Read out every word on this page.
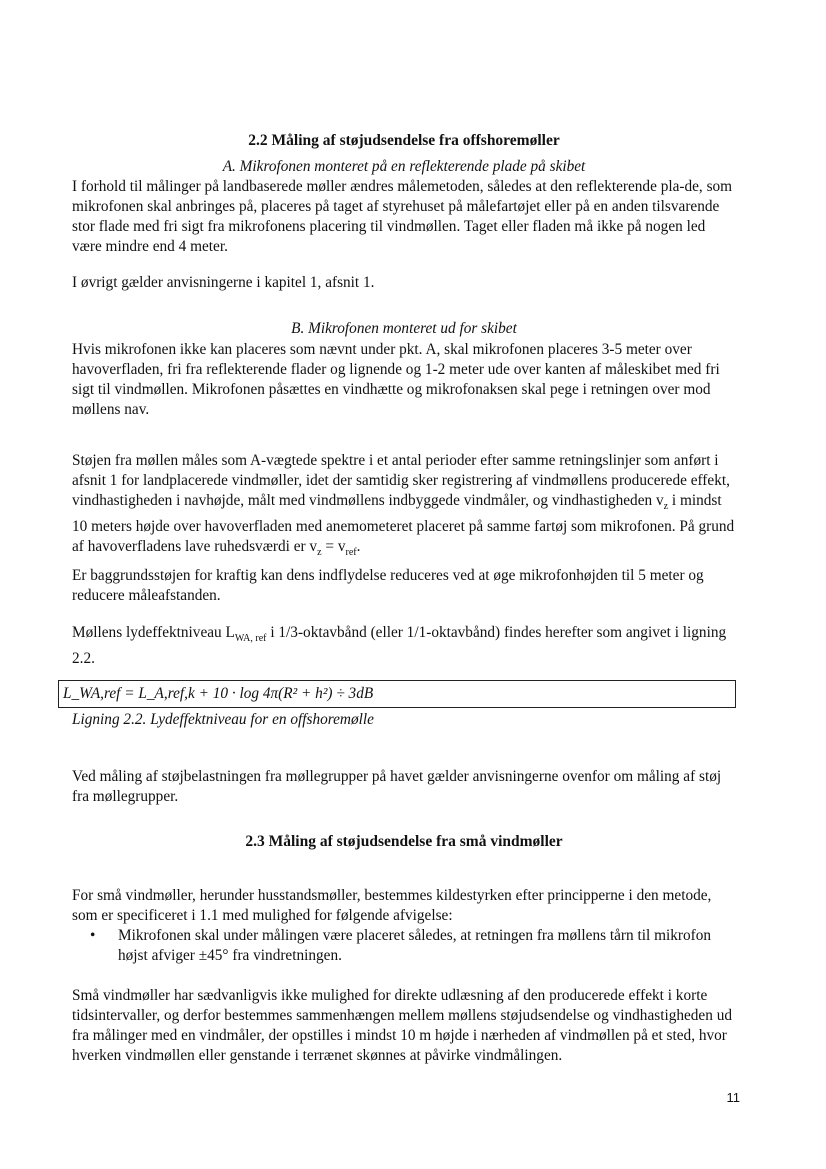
2.2 Måling af støjudsendelse fra offshoremøller
A. Mikrofonen monteret på en reflekterende plade på skibet

I forhold til målinger på landbaserede møller ændres målemetoden, således at den reflekterende pla-de, som mikrofonen skal anbringes på, placeres på taget af styrehuset på målefartøjet eller på en anden tilsvarende stor flade med fri sigt fra mikrofonens placering til vindmøllen. Taget eller fladen må ikke på nogen led være mindre end 4 meter.

I øvrigt gælder anvisningerne i kapitel 1, afsnit 1.

B. Mikrofonen monteret ud for skibet

Hvis mikrofonen ikke kan placeres som nævnt under pkt. A, skal mikrofonen placeres 3-5 meter over havoverfladen, fri fra reflekterende flader og lignende og 1-2 meter ude over kanten af måleskibet med fri sigt til vindmøllen. Mikrofonen påsættes en vindhætte og mikrofonaksen skal pege i retningen over mod møllens nav.

Støjen fra møllen måles som A-vægtede spektre i et antal perioder efter samme retningslinjer som anført i afsnit 1 for landplacerede vindmøller, idet der samtidig sker registrering af vindmøllens producerede effekt, vindhastigheden i navhøjde, målt med vindmøllens indbyggede vindmåler, og vindhastigheden $v_z$ i mindst 10 meters højde over havoverfladen med anemometeret placeret på samme fartøj som mikrofonen. På grund af havoverfladens lave ruhedsværdi er $v_z = v_{ref}$.

Er baggrundsstøjen for kraftig kan dens indflydelse reduceres ved at øge mikrofonhøjden til 5 meter og reducere måleafstanden.

Møllens lydeffektniveau $L_{WA, ref}$ i 1/3-oktavbånd (eller 1/1-oktavbånd) findes herefter som angivet i ligning 2.2.

L_WA,ref = L_A,ref,k + 10 · log 4π(R² + h²) ÷ 3dB
Ligning 2.2. Lydeffektniveau for en offshoremølle

Ved måling af støjbelastningen fra møllegrupper på havet gælder anvisningerne ovenfor om måling af støj fra møllegrupper.

2.3 Måling af støjudsendelse fra små vindmøller

For små vindmøller, herunder husstandsmøller, bestemmes kildestyrken efter principperne i den metode, som er specificeret i 1.1 med mulighed for følgende afvigelse:

•	Mikrofonen skal under målingen være placeret således, at retningen fra møllens tårn til mikrofon højst afviger ±45° fra vindretningen.

Små vindmøller har sædvanligvis ikke mulighed for direkte udlæsning af den producerede effekt i korte tidsintervaller, og derfor bestemmes sammenhængen mellem møllens støjudsendelse og vindhastigheden ud fra målinger med en vindmåler, der opstilles i mindst 10 m højde i nærheden af vindmøllen på et sted, hvor hverken vindmøllen eller genstande i terrænet skønnes at påvirke vindmålingen.

11
